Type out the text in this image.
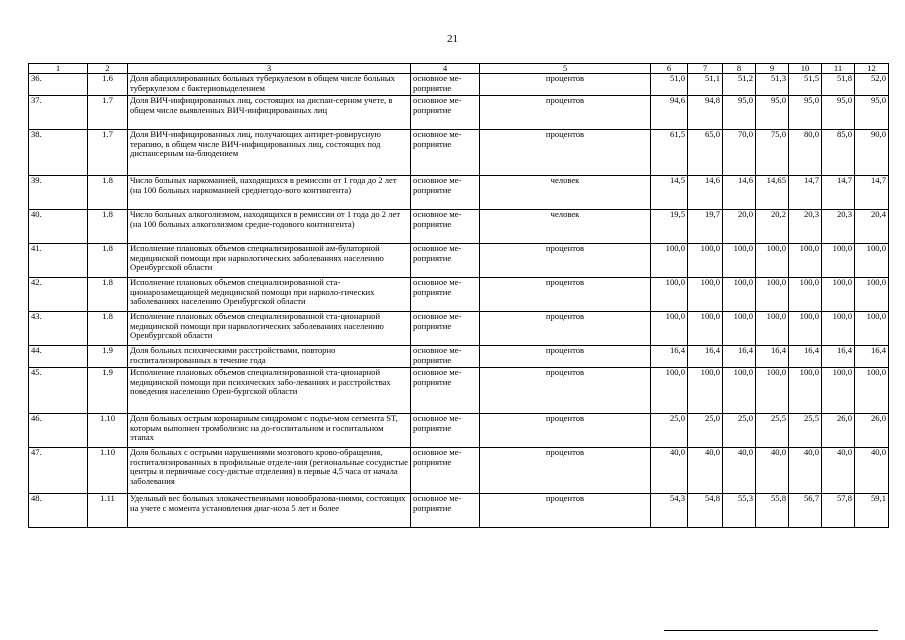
21
1	2	3	4	5	6	7	8	9	10	11	12
36.	1.6	Доля абациллированных больных туберкулезом в общем числе больных туберкулезом с бактериовыделением	основное ме-роприятие	процентов	51,0	51,1	51,2	51,3	51,5	51,8	52,0
37.	1.7	Доля ВИЧ-инфицированных лиц, состоящих на диспан-серном учете, в общем числе выявленных ВИЧ-инфицированных лиц	основное ме-роприятие	процентов	94,6	94,8	95,0	95,0	95,0	95,0	95,0
38.	1.7	Доля ВИЧ-инфицированных лиц, получающих антирет-ровирусную терапию, в общем числе ВИЧ-инфицированных лиц, состоящих под диспансерным на-блюдением	основное ме-роприятие	процентов	61,5	65,0	70,0	75,0	80,0	85,0	90,0
39.	1.8	Число больных наркоманией, находящихся в ремиссии от 1 года до 2 лет (на 100 больных наркоманией среднегодо-вого контингента)	основное ме-роприятие	человек	14,5	14,6	14,6	14,65	14,7	14,7	14,7
40.	1.8	Число больных алкоголизмом, находящихся в ремиссии от 1 года до 2 лет (на 100 больных алкоголизмом средне-годового контингента)	основное ме-роприятие	человек	19,5	19,7	20,0	20,2	20,3	20,3	20,4
41.	1.8	Исполнение плановых объемов специализированной ам-булаторной медицинской помощи при наркологических заболеваниях населению Оренбургской области	основное ме-роприятие	процентов	100,0	100,0	100,0	100,0	100,0	100,0	100,0
42.	1.8	Исполнение плановых объемов специализированной ста-ционарозамещающей медицинской помощи при нарколо-гических заболеваниях населению Оренбургской области	основное ме-роприятие	процентов	100,0	100,0	100,0	100,0	100,0	100,0	100,0
43.	1.8	Исполнение плановых объемов специализированной ста-ционарной медицинской помощи при наркологических заболеваниях населению Оренбургской области	основное ме-роприятие	процентов	100,0	100,0	100,0	100,0	100,0	100,0	100,0
44.	1.9	Доля больных психическими расстройствами, повторно госпитализированных в течение года	основное ме-роприятие	процентов	16,4	16,4	16,4	16,4	16,4	16,4	16,4
45.	1.9	Исполнение плановых объемов специализированной ста-ционарной медицинской помощи при психических забо-леваниях и расстройствах поведения населению Орен-бургской области	основное ме-роприятие	процентов	100,0	100,0	100,0	100,0	100,0	100,0	100,0
46.	1.10	Доля больных острым коронарным синдромом с подъе-мом сегмента ST, которым выполнен тромболизис на до-госпитальном и госпитальном этапах	основное ме-роприятие	процентов	25,0	25,0	25,0	25,5	25,5	26,0	26,0
47.	1.10	Доля больных с острыми нарушениями мозгового крово-обращения, госпитализированных в профильные отделе-ния (региональные сосудистые центры и первичные сосу-дистые отделения) в первые 4,5 часа от начала заболевания	основное ме-роприятие	процентов	40,0	40,0	40,0	40,0	40,0	40,0	40,0
48.	1.11	Удельный вес больных злокачественными новообразова-ниями, состоящих на учете с момента установления диаг-ноза 5 лет и более	основное ме-роприятие	процентов	54,3	54,8	55,3	55,8	56,7	57,8	59,1
